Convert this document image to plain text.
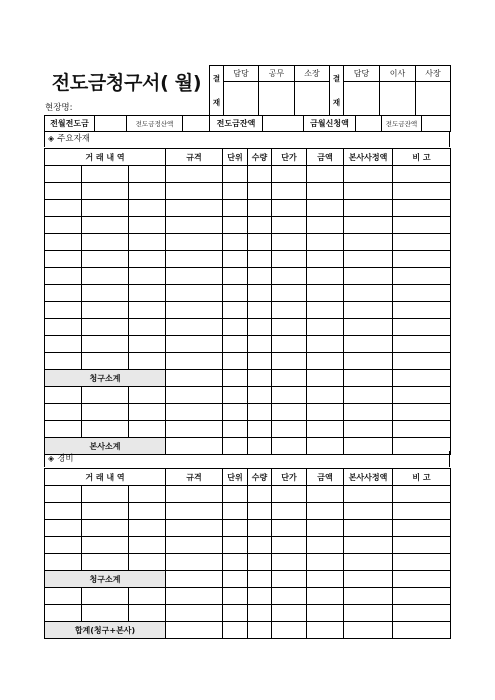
전도금청구서( 월)
현장명:
결

재	담당	공무	소장
		결

재	담당	이사	사장

전월전도금		전도금정산액		전도금잔액		금월신청액		전도금잔액	
◈ 주요자재
거 래 내 역			규격	단위	수량	단가	금액	본사사정액	비 고

청구소계									

본사소계									
◈ 경비
거 래 내 역			규격	단위	수량	단가	금액	본사사정액	비 고

청구소계									

합계(청구+본사)									
